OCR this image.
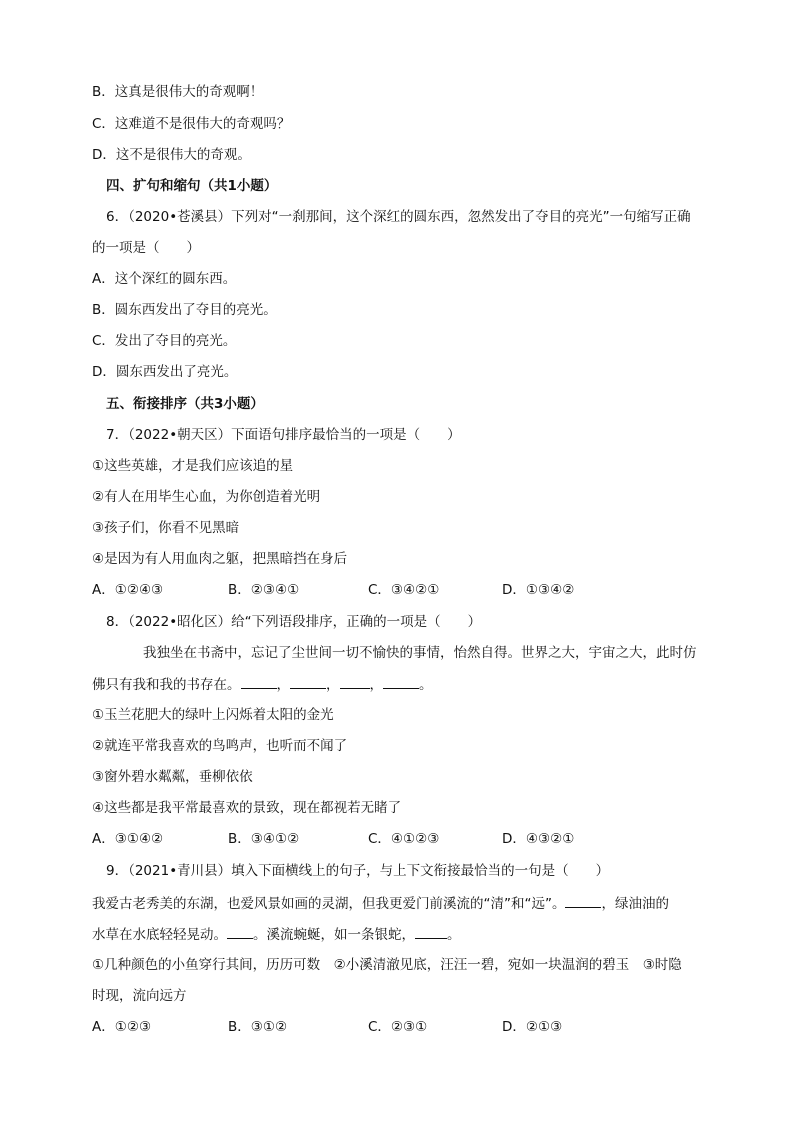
B．这真是很伟大的奇观啊！
C．这难道不是很伟大的奇观吗？
D．这不是很伟大的奇观。
四、扩句和缩句（共1小题）
6．（2020•苍溪县）下列对“一刹那间，这个深红的圆东西，忽然发出了夺目的亮光”一句缩写正确
的一项是（　　）
A．这个深红的圆东西。
B．圆东西发出了夺目的亮光。
C．发出了夺目的亮光。
D．圆东西发出了亮光。
五、衔接排序（共3小题）
7．（2022•朝天区）下面语句排序最恰当的一项是（　　）
①这些英雄，才是我们应该追的星
②有人在用毕生心血，为你创造着光明
③孩子们，你看不见黑暗
④是因为有人用血肉之躯，把黑暗挡在身后
A．①②④③	B．②③④①	C．③④②①	D．①③④②
8．（2022•昭化区）给“下列语段排序，正确的一项是（　　）
我独坐在书斋中，忘记了尘世间一切不愉快的事情，怡然自得。世界之大，宇宙之大，此时仿
佛只有我和我的书存在。	，	， ，	。
①玉兰花肥大的绿叶上闪烁着太阳的金光
②就连平常我喜欢的鸟鸣声，也听而不闻了
③窗外碧水粼粼，垂柳依依
④这些都是我平常最喜欢的景致，现在都视若无睹了
A．③①④②	B．③④①②	C．④①②③	D．④③②①
9．（2021•青川县）填入下面横线上的句子，与上下文衔接最恰当的一句是（　　）
我爱古老秀美的东湖，也爱风景如画的灵湖，但我更爱门前溪流的“清”和“远”。	，绿油油的
水草在水底轻轻晃动。 。溪流蜿蜒，如一条银蛇， 。
①几种颜色的小鱼穿行其间，历历可数　②小溪清澈见底，汪汪一碧，宛如一块温润的碧玉　③时隐
时现，流向远方
A．①②③	B．③①②	C．②③①	D．②①③
